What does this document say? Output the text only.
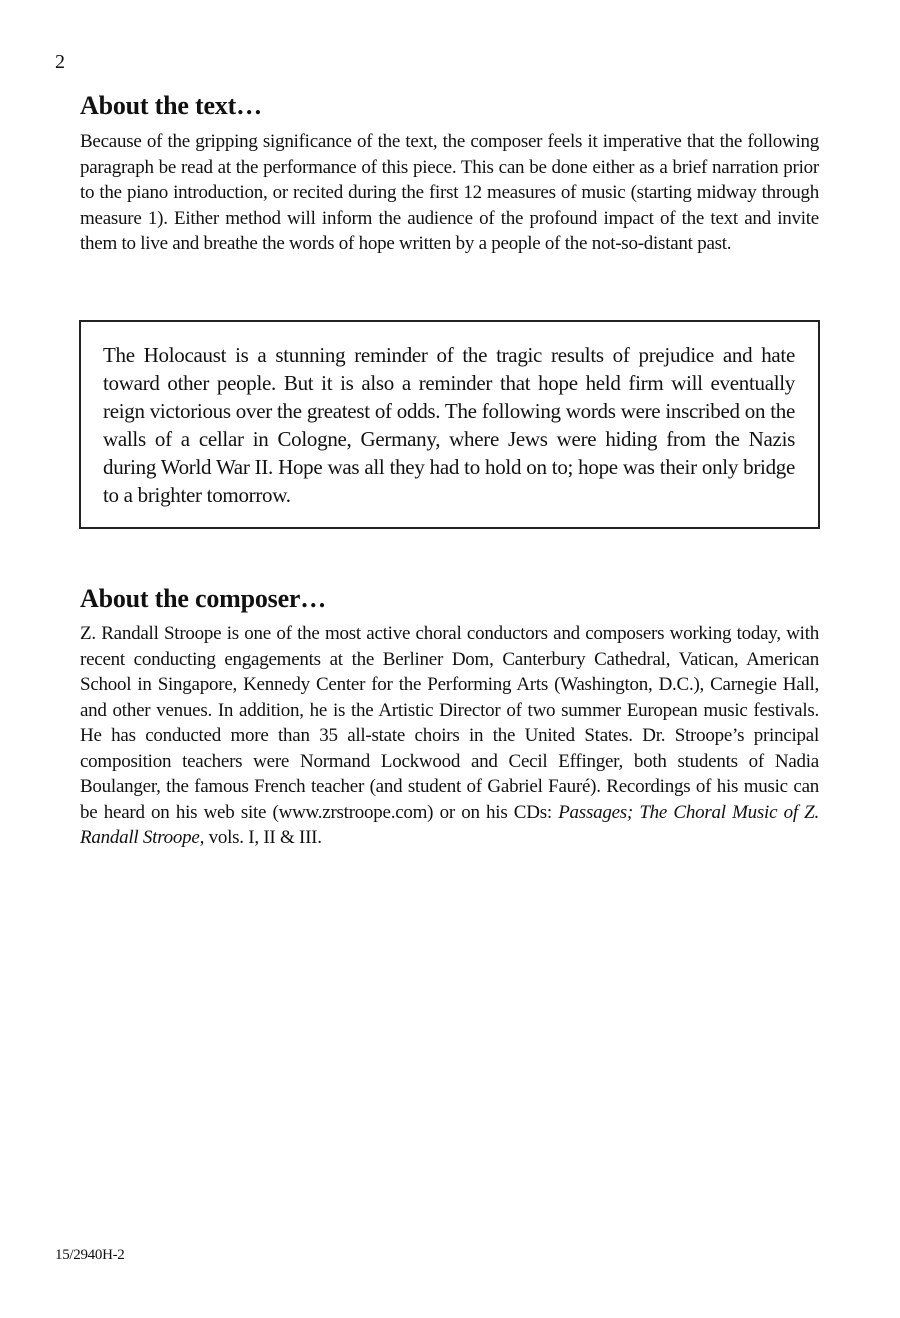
2
About the text…

Because of the gripping significance of the text, the composer feels it imperative that the following paragraph be read at the performance of this piece. This can be done either as a brief narration prior to the piano introduction, or recited during the first 12 measures of music (starting midway through measure 1). Either method will inform the audience of the profound impact of the text and invite them to live and breathe the words of hope written by a people of the not-so-distant past.

The Holocaust is a stunning reminder of the tragic results of prejudice and hate toward other people. But it is also a reminder that hope held firm will eventually reign victorious over the greatest of odds. The following words were inscribed on the walls of a cellar in Cologne, Germany, where Jews were hiding from the Nazis during World War II. Hope was all they had to hold on to; hope was their only bridge to a brighter tomorrow.

About the composer…

Z. Randall Stroope is one of the most active choral conductors and composers working today, with recent conducting engagements at the Berliner Dom, Canterbury Cathedral, Vatican, American School in Singapore, Kennedy Center for the Performing Arts (Washington, D.C.), Carnegie Hall, and other venues. In addition, he is the Artistic Director of two summer European music festivals. He has conducted more than 35 all-state choirs in the United States. Dr. Stroope’s principal composition teachers were Normand Lockwood and Cecil Effinger, both students of Nadia Boulanger, the famous French teacher (and student of Gabriel Fauré). Recordings of his music can be heard on his web site (www.zrstroope.com) or on his CDs: Passages; The Choral Music of Z. Randall Stroope, vols. I, II & III.

15/2940H-2
